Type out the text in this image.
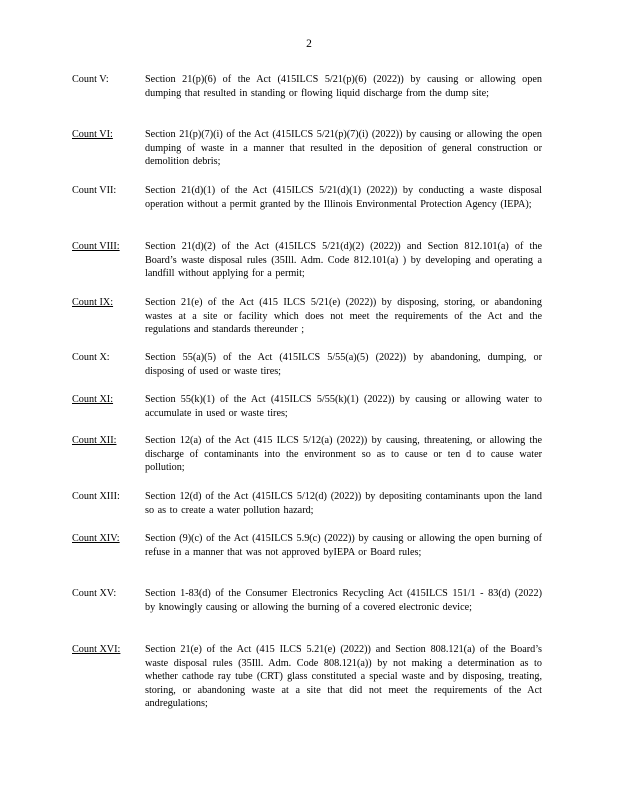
2
Count V:	Section 21(p)(6) of the Act (415ILCS 5/21(p)(6) (2022)) by causing or allowing open dumping that resulted in standing or flowing liquid discharge from the dump site;
Count VI:	Section 21(p)(7)(i) of the Act (415ILCS 5/21(p)(7)(i) (2022)) by causing or allowing the open dumping of waste in a manner that resulted in the deposition of general construction or demolition debris;
Count VII:	Section 21(d)(1) of the Act (415ILCS 5/21(d)(1) (2022)) by conducting a waste disposal operation without a permit granted by the Illinois Environmental Protection Agency (IEPA);
Count VIII:	Section 21(d)(2) of the Act (415ILCS 5/21(d)(2) (2022)) and Section 812.101(a) of the Board’s waste disposal rules (35Ill. Adm. Code 812.101(a) ) by developing and operating a landfill without applying for a permit;
Count IX:	Section 21(e) of the Act (415 ILCS 5/21(e) (2022)) by disposing, storing, or abandoning wastes at a site or facility which does not meet the requirements of the Act and the regulations and standards thereunder ;
Count X:	Section 55(a)(5) of the Act (415ILCS 5/55(a)(5) (2022)) by abandoning, dumping, or disposing of used or waste tires;
Count XI:	Section 55(k)(1) of the Act (415ILCS 5/55(k)(1) (2022)) by causing or allowing water to accumulate in used or waste tires;
Count XII:	Section 12(a) of the Act (415 ILCS 5/12(a) (2022)) by causing, threatening, or allowing the discharge of contaminants into the environment so as to cause or ten d to cause water pollution;
Count XIII:	Section 12(d) of the Act (415ILCS 5/12(d) (2022)) by depositing contaminants upon the land so as to create a water pollution hazard;
Count XIV:	Section (9)(c) of the Act (415ILCS 5.9(c) (2022)) by causing or allowing the open burning of refuse in a manner that was not approved byIEPA or Board rules;
Count XV:	Section 1-83(d) of the Consumer Electronics Recycling Act (415ILCS 151/1 - 83(d) (2022) by knowingly causing or allowing the burning of a covered electronic device;
Count XVI:	Section 21(e) of the Act (415 ILCS 5.21(e) (2022)) and Section 808.121(a) of the Board’s waste disposal rules (35Ill. Adm. Code 808.121(a)) by not making a determination as to whether cathode ray tube (CRT) glass constituted a special waste and by disposing, treating, storing, or abandoning waste at a site that did not meet the requirements of the Act andregulations;
